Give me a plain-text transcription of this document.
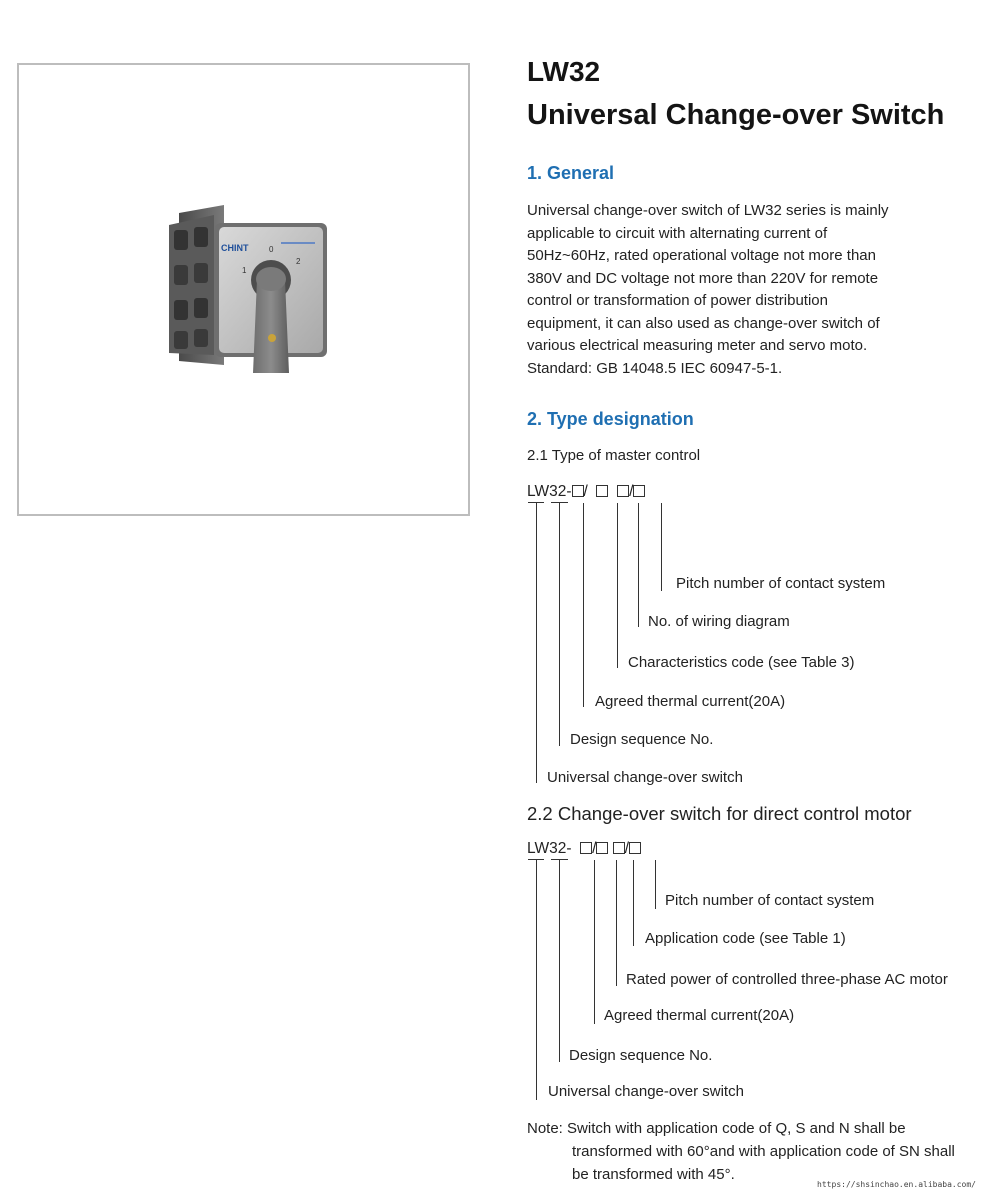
CHINT
1
0
2
LW32
Universal Change-over Switch
1. General

Universal change-over switch of LW32 series is mainly

applicable to circuit with alternating current of

50Hz~60Hz, rated operational voltage not more than

380V and DC voltage not more than 220V for remote

control or transformation of power distribution

equipment, it can also used as change-over switch of

various electrical measuring meter and servo moto.

Standard: GB 14048.5 IEC 60947-5-1.

2. Type designation
2.1 Type of master control
LW32- /	/
Pitch number of contact system
No. of wiring diagram
Characteristics code (see Table 3)
Agreed thermal current(20A)
Design sequence No.
Universal change-over switch
2.2 Change-over switch for direct control motor
LW32- / /
Pitch number of contact system
Application code (see Table 1)
Rated power of controlled three-phase AC motor
Agreed thermal current(20A)
Design sequence No.
Universal change-over switch
Note: Switch with application code of Q, S and N shall be
transformed with 60°and with application code of SN shall
be transformed with 45°.
https://shsinchao.en.alibaba.com/
